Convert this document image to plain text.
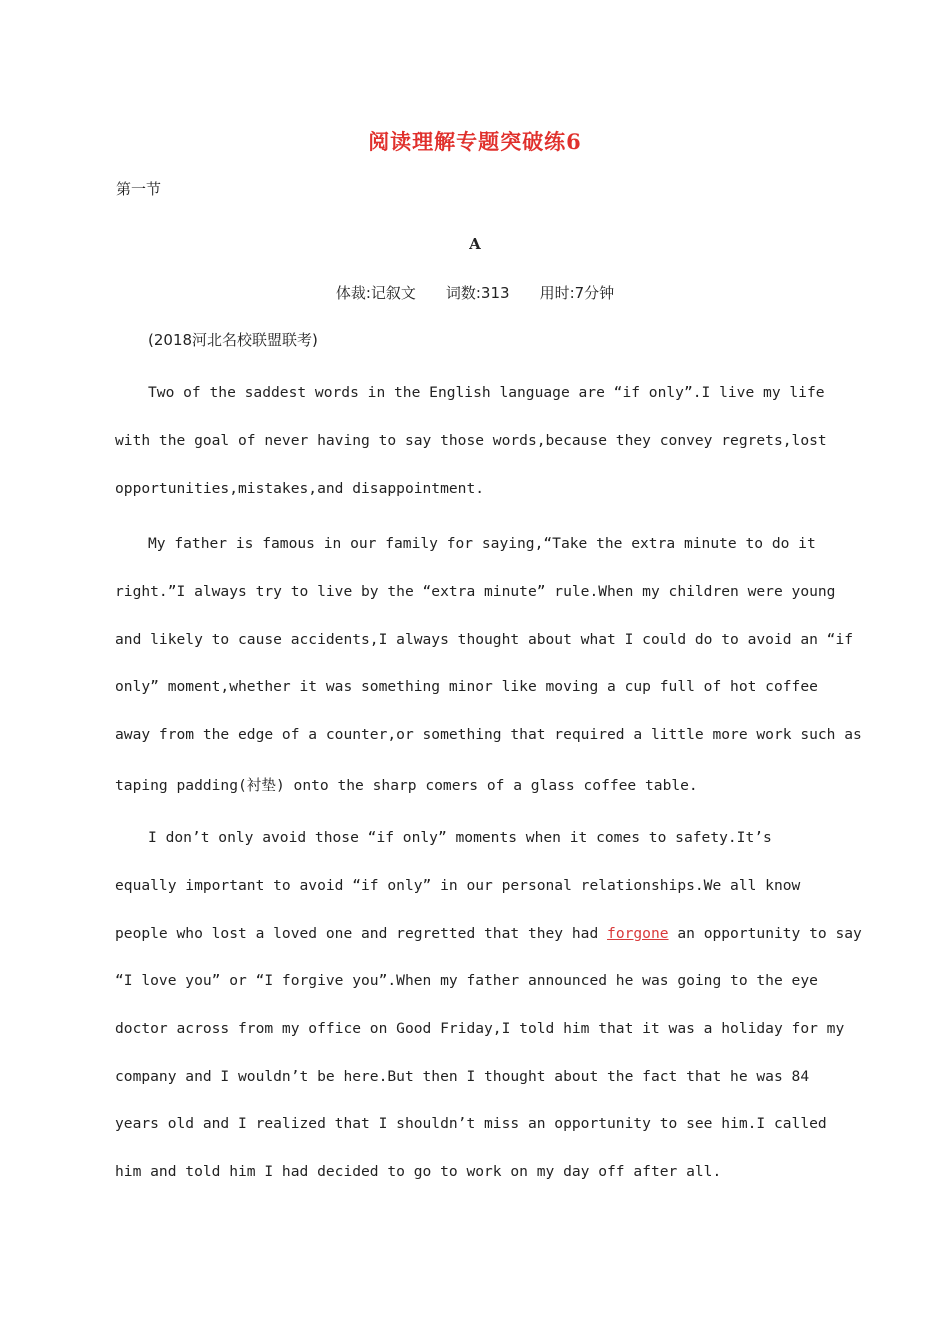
阅读理解专题突破练6
第一节
A
体裁:记叙文 词数:313 用时:7分钟
(2018河北名校联盟联考)
Two of the saddest words in the English language are “if only”.I live my life
with the goal of never having to say those words,because they convey regrets,lost
opportunities,mistakes,and disappointment.
My father is famous in our family for saying,“Take the extra minute to do it
right.”I always try to live by the “extra minute” rule.When my children were young
and likely to cause accidents,I always thought about what I could do to avoid an “if
only” moment,whether it was something minor like moving a cup full of hot coffee
away from the edge of a counter,or something that required a little more work such as
taping padding(衬垫) onto the sharp comers of a glass coffee table.
I don’t only avoid those “if only” moments when it comes to safety.It’s
equally important to avoid “if only” in our personal relationships.We all know
people who lost a loved one and regretted that they had forgone an opportunity to say
“I love you” or “I forgive you”.When my father announced he was going to the eye
doctor across from my office on Good Friday,I told him that it was a holiday for my
company and I wouldn’t be here.But then I thought about the fact that he was 84
years old and I realized that I shouldn’t miss an opportunity to see him.I called
him and told him I had decided to go to work on my day off after all.
